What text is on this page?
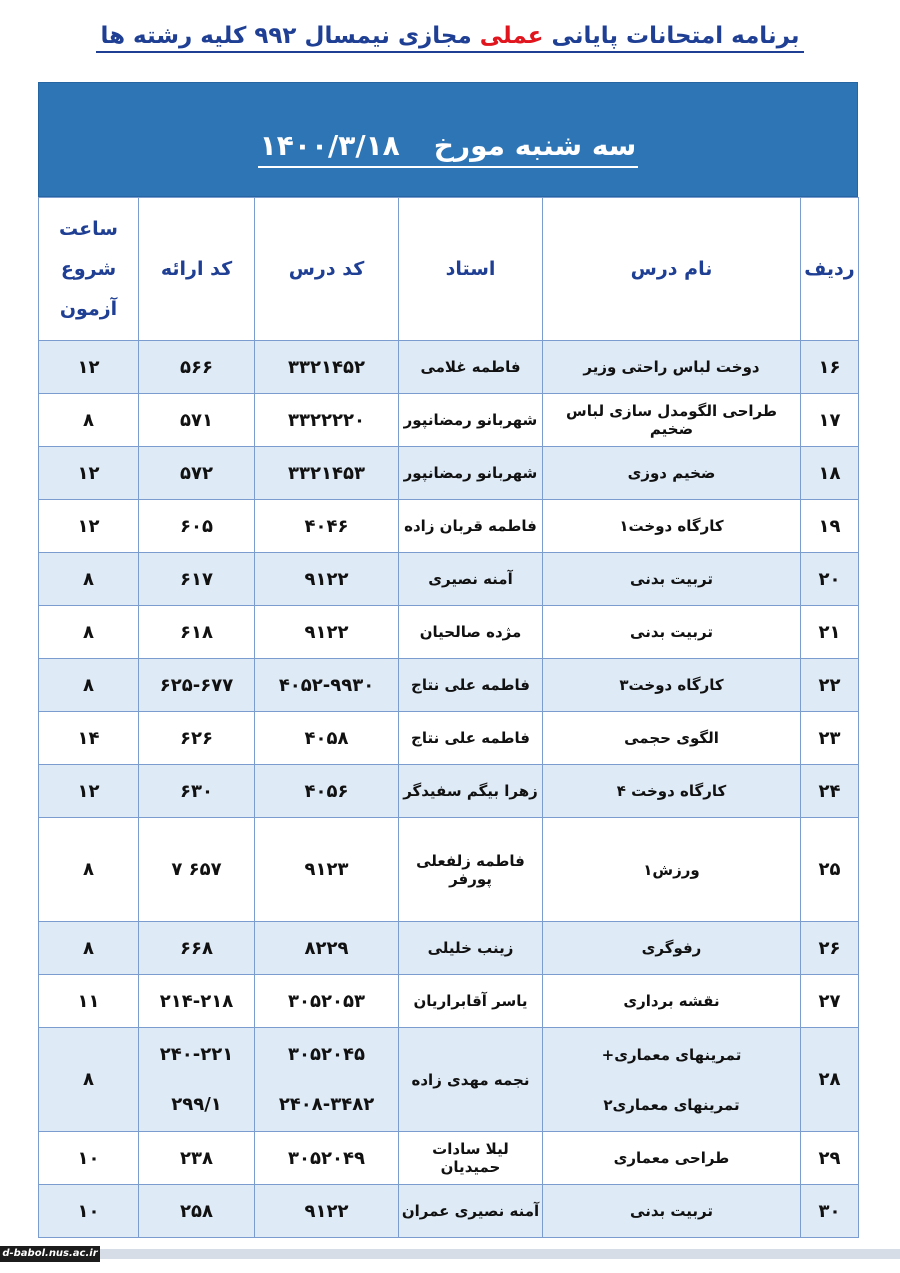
برنامه امتحانات پایانی عملی مجازی نیمسال ۹۹۲ کلیه رشته ها
سه شنبه مورخ۱۴۰۰/۳/۱۸
ردیف	نام درس	استاد	کد درس	کد ارائه	ساعت شروع آزمون
۱۶	دوخت لباس راحتی وزیر	فاطمه غلامی	۳۳۲۱۴۵۲	۵۶۶	۱۲
۱۷	طراحی الگومدل سازی لباس ضخیم	شهربانو رمضانپور	۳۳۲۲۲۲۰	۵۷۱	۸
۱۸	ضخیم دوزی	شهربانو رمضانپور	۳۳۲۱۴۵۳	۵۷۲	۱۲
۱۹	کارگاه دوخت۱	فاطمه قربان زاده	۴۰۴۶	۶۰۵	۱۲
۲۰	تربیت بدنی	آمنه نصیری	۹۱۲۲	۶۱۷	۸
۲۱	تربیت بدنی	مژده صالحیان	۹۱۲۲	۶۱۸	۸
۲۲	کارگاه دوخت۳	فاطمه علی نتاج	۴۰۵۲-۹۹۳۰	۶۲۵-۶۷۷	۸
۲۳	الگوی حجمی	فاطمه علی نتاج	۴۰۵۸	۶۲۶	۱۴
۲۴	کارگاه دوخت ۴	زهرا بیگم سفیدگر	۴۰۵۶	۶۳۰	۱۲
۲۵	ورزش۱	فاطمه زلفعلی پورفر	۹۱۲۳	۶۵۷ ۷	۸
۲۶	رفوگری	زینب خلیلی	۸۲۲۹	۶۶۸	۸
۲۷	نقشه برداری	یاسر آقابراریان	۳۰۵۲۰۵۳	۲۱۴-۲۱۸	۱۱
۲۸	تمرینهای معماری+ تمرینهای معماری۲	نجمه مهدی زاده	۳۰۵۲۰۴۵ ۲۴۰۸-۳۴۸۲	۲۴۰-۲۲۱ ۲۹۹/۱	۸
۲۹	طراحی معماری	لیلا سادات حمیدیان	۳۰۵۲۰۴۹	۲۳۸	۱۰
۳۰	تربیت بدنی	آمنه نصیری عمران	۹۱۲۲	۲۵۸	۱۰
d-babol.nus.ac.ir
